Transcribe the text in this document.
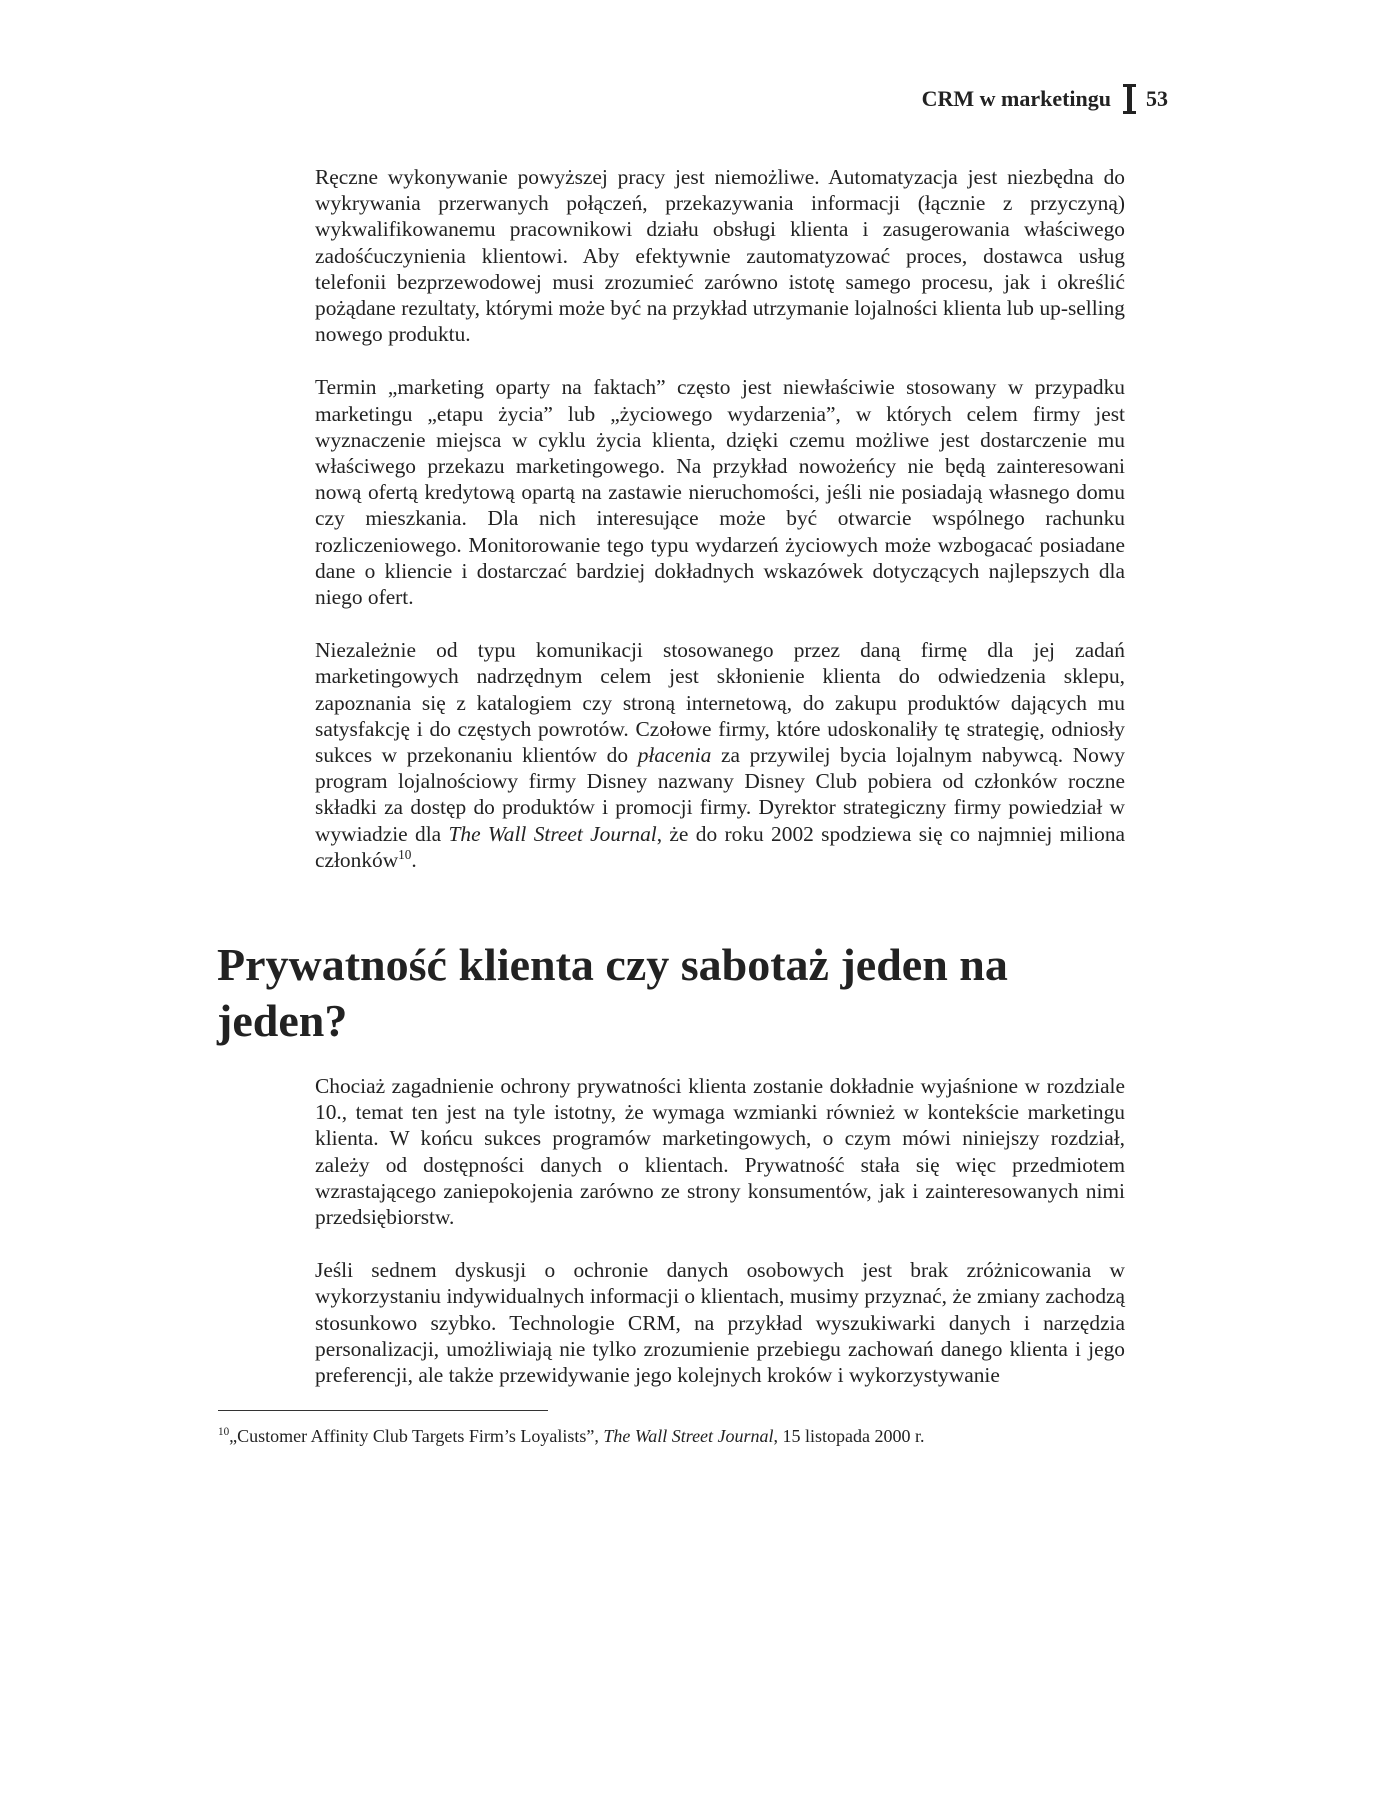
CRM w marketingu 53

Ręczne wykonywanie powyższej pracy jest niemożliwe. Automatyzacja jest niezbędna do wykrywania przerwanych połączeń, przekazywania informacji (łącznie z przyczyną) wykwalifikowanemu pracownikowi działu obsługi klienta i zasugerowania właściwego zadośćuczynienia klientowi. Aby efektywnie zautomatyzować proces, dostawca usług telefonii bezprzewodowej musi zrozumieć zarówno istotę samego procesu, jak i określić pożądane rezultaty, którymi może być na przykład utrzymanie lojalności klienta lub up-selling nowego produktu.

Termin „marketing oparty na faktach” często jest niewłaściwie stosowany w przypadku marketingu „etapu życia” lub „życiowego wydarzenia”, w których celem firmy jest wyznaczenie miejsca w cyklu życia klienta, dzięki czemu możliwe jest dostarczenie mu właściwego przekazu marketingowego. Na przykład nowożeńcy nie będą zainteresowani nową ofertą kredytową opartą na zastawie nieruchomości, jeśli nie posiadają własnego domu czy mieszkania. Dla nich interesujące może być otwarcie wspólnego rachunku rozliczeniowego. Monitorowanie tego typu wydarzeń życiowych może wzbogacać posiadane dane o kliencie i dostarczać bardziej dokładnych wskazówek dotyczących najlepszych dla niego ofert.

Niezależnie od typu komunikacji stosowanego przez daną firmę dla jej zadań marketingowych nadrzędnym celem jest skłonienie klienta do odwiedzenia sklepu, zapoznania się z katalogiem czy stroną internetową, do zakupu produktów dających mu satysfakcję i do częstych powrotów. Czołowe firmy, które udoskonaliły tę strategię, odniosły sukces w przekonaniu klientów do płacenia za przywilej bycia lojalnym nabywcą. Nowy program lojalnościowy firmy Disney nazwany Disney Club pobiera od członków roczne składki za dostęp do produktów i promocji firmy. Dyrektor strategiczny firmy powiedział w wywiadzie dla The Wall Street Journal, że do roku 2002 spodziewa się co najmniej miliona członków$^{10}$.

Prywatność klienta czy sabotaż jeden na jeden?

Chociaż zagadnienie ochrony prywatności klienta zostanie dokładnie wyjaśnione w rozdziale 10., temat ten jest na tyle istotny, że wymaga wzmianki również w kontekście marketingu klienta. W końcu sukces programów marketingowych, o czym mówi niniejszy rozdział, zależy od dostępności danych o klientach. Prywatność stała się więc przedmiotem wzrastającego zaniepokojenia zarówno ze strony konsumentów, jak i zainteresowanych nimi przedsiębiorstw.

Jeśli sednem dyskusji o ochronie danych osobowych jest brak zróżnicowania w wykorzystaniu indywidualnych informacji o klientach, musimy przyznać, że zmiany zachodzą stosunkowo szybko. Technologie CRM, na przykład wyszukiwarki danych i narzędzia personalizacji, umożliwiają nie tylko zrozumienie przebiegu zachowań danego klienta i jego preferencji, ale także przewidywanie jego kolejnych kroków i wykorzystywanie

$^{10}$„Customer Affinity Club Targets Firm’s Loyalists”, The Wall Street Journal, 15 listopada 2000 r.
